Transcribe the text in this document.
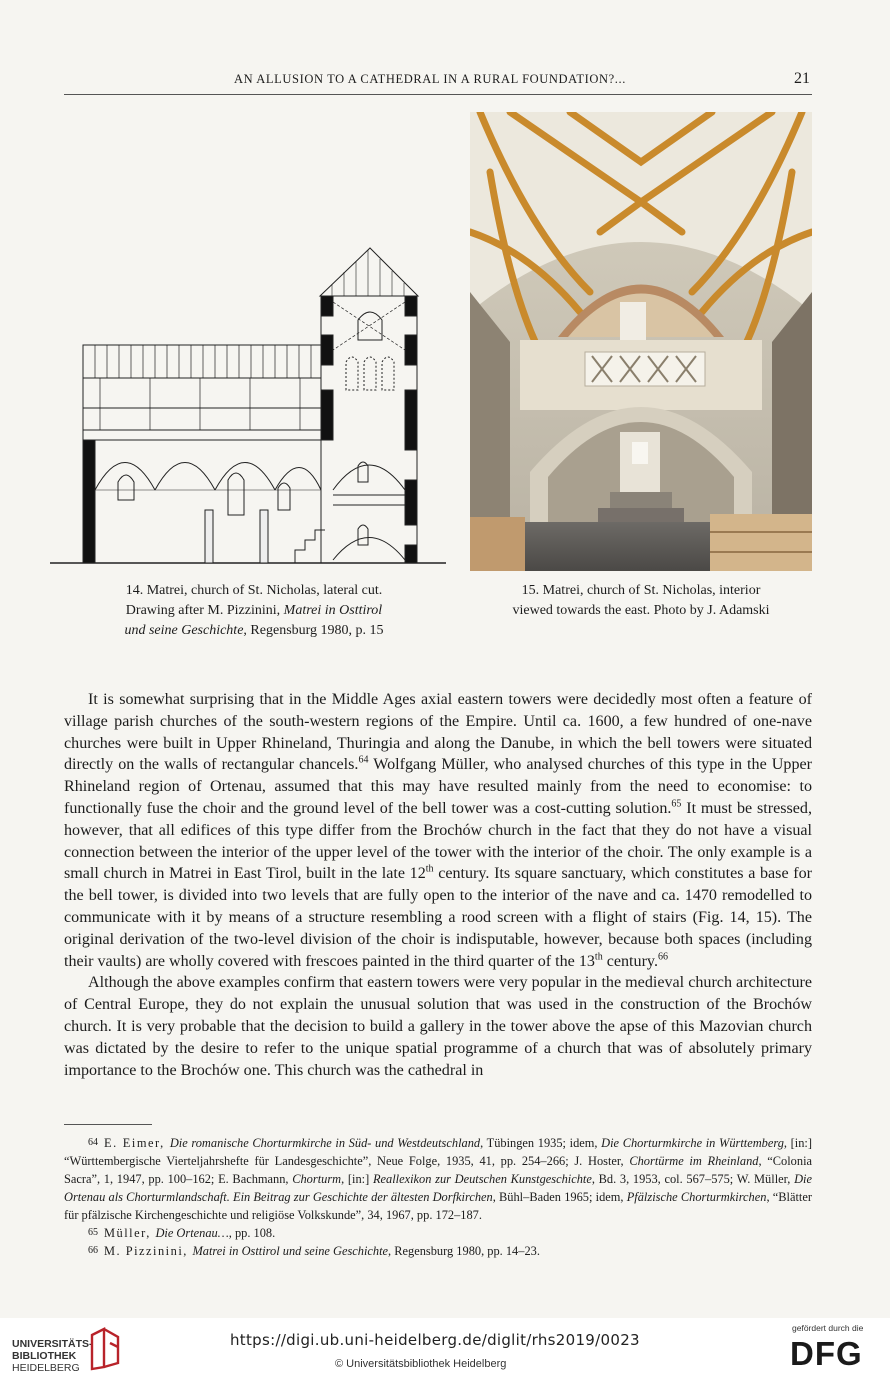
AN ALLUSION TO A CATHEDRAL IN A RURAL FOUNDATION?...	21
14. Matrei, church of St. Nicholas, lateral cut.
Drawing after M. Pizzinini, Matrei in Osttirol
und seine Geschichte, Regensburg 1980, p. 15
15. Matrei, church of St. Nicholas, interior
viewed towards the east. Photo by J. Adamski

It is somewhat surprising that in the Middle Ages axial eastern towers were decidedly most often a feature of village parish churches of the south-western regions of the Empire. Until ca. 1600, a few hundred of one-nave churches were built in Upper Rhineland, Thuringia and along the Danube, in which the bell towers were situated directly on the walls of rectangular chancels.$^{64}$ Wolfgang Müller, who analysed churches of this type in the Upper Rhineland region of Ortenau, assumed that this may have resulted mainly from the need to economise: to functionally fuse the choir and the ground level of the bell tower was a cost-cutting solution.$^{65}$ It must be stressed, however, that all edifices of this type differ from the Brochów church in the fact that they do not have a visual connection between the interior of the upper level of the tower with the interior of the choir. The only example is a small church in Matrei in East Tirol, built in the late 12th century. Its square sanctuary, which constitutes a base for the bell tower, is divided into two levels that are fully open to the interior of the nave and ca. 1470 remodelled to communicate with it by means of a structure resembling a rood screen with a flight of stairs (Fig. 14, 15). The original derivation of the two-level division of the choir is indisputable, however, because both spaces (including their vaults) are wholly covered with frescoes painted in the third quarter of the 13th century.$^{66}$

Although the above examples confirm that eastern towers were very popular in the medieval church architecture of Central Europe, they do not explain the unusual solution that was used in the construction of the Brochów church. It is very probable that the decision to build a gallery in the tower above the apse of this Mazovian church was dictated by the desire to refer to the unique spatial programme of a church that was of absolutely primary importance to the Brochów one. This church was the cathedral in

$^{64}$ E. Eimer, Die romanische Chorturmkirche in Süd- und Westdeutschland, Tübingen 1935; idem, Die Chorturmkirche in Württemberg, [in:] “Württembergische Vierteljahrshefte für Landesgeschichte”, Neue Folge, 1935, 41, pp. 254–266; J. Hoster, Chortürme im Rheinland, “Colonia Sacra”, 1, 1947, pp. 100–162; E. Bachmann, Chorturm, [in:] Reallexikon zur Deutschen Kunstgeschichte, Bd. 3, 1953, col. 567–575; W. Müller, Die Ortenau als Chorturmlandschaft. Ein Beitrag zur Geschichte der ältesten Dorfkirchen, Bühl–Baden 1965; idem, Pfälzische Chorturmkirchen, “Blätter für pfälzische Kirchengeschichte und religiöse Volkskunde”, 34, 1967, pp. 172–187.

$^{65}$ Müller, Die Ortenau…, pp. 108.

$^{66}$ M. Pizzinini, Matrei in Osttirol und seine Geschichte, Regensburg 1980, pp. 14–23.

UNIVERSITÄTS-
BIBLIOTHEK
HEIDELBERG
https://digi.ub.uni-heidelberg.de/diglit/rhs2019/0023
© Universitätsbibliothek Heidelberg
gefördert durch die
DFG
